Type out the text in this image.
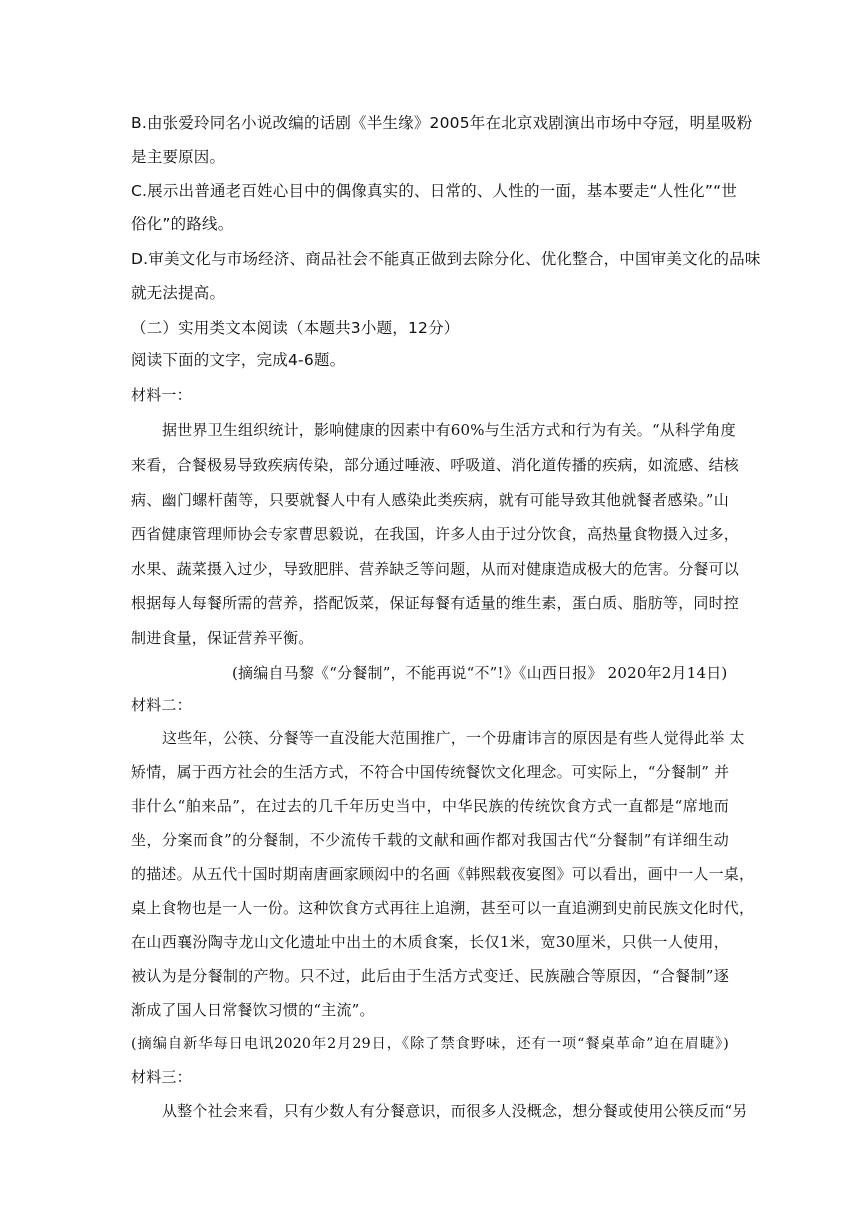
B.由张爱玲同名小说改编的话剧《半生缘》2005年在北京戏剧演出市场中夺冠，明星吸粉
是主要原因。
C.展示出普通老百姓心目中的偶像真实的、日常的、人性的一面，基本要走“人性化”“世
俗化”的路线。
D.审美文化与市场经济、商品社会不能真正做到去除分化、优化整合，中国审美文化的品味
就无法提高。
（二）实用类文本阅读（本题共3小题，12分）
阅读下面的文字，完成4-6题。
材料一：
据世界卫生组织统计，影响健康的因素中有60%与生活方式和行为有关。“从科学角度
来看，合餐极易导致疾病传染，部分通过唾液、呼吸道、消化道传播的疾病，如流感、结核
病、幽门螺杆菌等，只要就餐人中有人感染此类疾病，就有可能导致其他就餐者感染。”山
西省健康管理师协会专家曹思毅说，在我国，许多人由于过分饮食，高热量食物摄入过多，
水果、蔬菜摄入过少，导致肥胖、营养缺乏等问题，从而对健康造成极大的危害。分餐可以
根据每人每餐所需的营养，搭配饭菜，保证每餐有适量的维生素，蛋白质、脂肪等，同时控
制进食量，保证营养平衡。
(摘编自马黎《“分餐制”，不能再说“不”!》《山西日报》 2020年2月14日)
材料二：
这些年，公筷、分餐等一直没能大范围推广，一个毋庸讳言的原因是有些人觉得此举 太
矫情，属于西方社会的生活方式，不符合中国传统餐饮文化理念。可实际上，“分餐制” 并
非什么“舶来品”，在过去的几千年历史当中，中华民族的传统饮食方式一直都是“席地而
坐，分案而食”的分餐制，不少流传千载的文献和画作都对我国古代“分餐制”有详细生动
的描述。从五代十国时期南唐画家顾闳中的名画《韩熙载夜宴图》可以看出，画中一人一桌，
桌上食物也是一人一份。这种饮食方式再往上追溯，甚至可以一直追溯到史前民族文化时代，
在山西襄汾陶寺龙山文化遗址中出土的木质食案，长仅1米，宽30厘米，只供一人使用，
被认为是分餐制的产物。只不过，此后由于生活方式变迁、民族融合等原因，“合餐制”逐
渐成了国人日常餐饮习惯的“主流”。
(摘编自新华每日电讯2020年2月29日，《除了禁食野味，还有一项“餐桌革命”迫在眉睫》)
材料三：
从整个社会来看，只有少数人有分餐意识，而很多人没概念，想分餐或使用公筷反而“另
